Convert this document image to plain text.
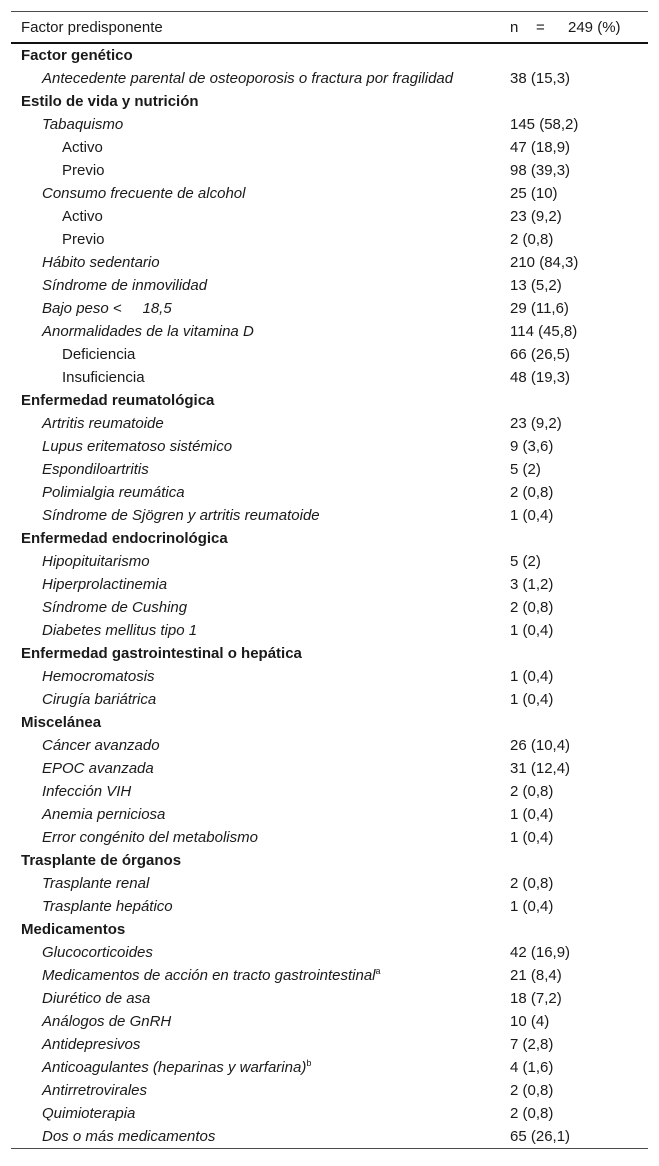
Factor predisponente	n	=	249 (%)
Factor genético
Antecedente parental de osteoporosis o fractura por fragilidad	38 (15,3)
Estilo de vida y nutrición
Tabaquismo	145 (58,2)
Activo	47 (18,9)
Previo	98 (39,3)
Consumo frecuente de alcohol	25 (10)
Activo	23 (9,2)
Previo	2 (0,8)
Hábito sedentario	210 (84,3)
Síndrome de inmovilidad	13 (5,2)
Bajo peso <     18,5	29 (11,6)
Anormalidades de la vitamina D	114 (45,8)
Deficiencia	66 (26,5)
Insuficiencia	48 (19,3)
Enfermedad reumatológica
Artritis reumatoide	23 (9,2)
Lupus eritematoso sistémico	9 (3,6)
Espondiloartritis	5 (2)
Polimialgia reumática	2 (0,8)
Síndrome de Sjögren y artritis reumatoide	1 (0,4)
Enfermedad endocrinológica
Hipopituitarismo	5 (2)
Hiperprolactinemia	3 (1,2)
Síndrome de Cushing	2 (0,8)
Diabetes mellitus tipo 1	1 (0,4)
Enfermedad gastrointestinal o hepática
Hemocromatosis	1 (0,4)
Cirugía bariátrica	1 (0,4)
Miscelánea
Cáncer avanzado	26 (10,4)
EPOC avanzada	31 (12,4)
Infección VIH	2 (0,8)
Anemia perniciosa	1 (0,4)
Error congénito del metabolismo	1 (0,4)
Trasplante de órganos
Trasplante renal	2 (0,8)
Trasplante hepático	1 (0,4)
Medicamentos
Glucocorticoides	42 (16,9)
Medicamentos de acción en tracto gastrointestinal$^a$	21 (8,4)
Diurético de asa	18 (7,2)
Análogos de GnRH	10 (4)
Antidepresivos	7 (2,8)
Anticoagulantes (heparinas y warfarina)$^b$	4 (1,6)
Antirretrovirales	2 (0,8)
Quimioterapia	2 (0,8)
Dos o más medicamentos	65 (26,1)
